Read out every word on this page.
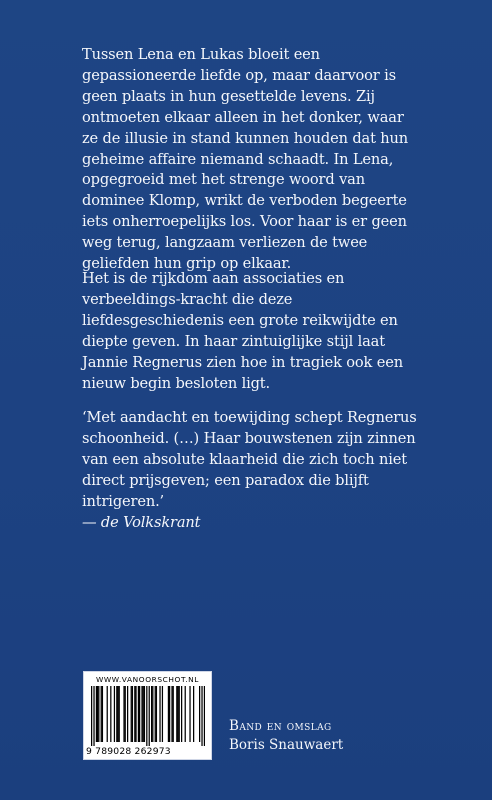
Tussen Lena en Lukas bloeit een gepassioneerde liefde op, maar daarvoor is geen plaats in hun gesettelde levens. Zij ontmoeten elkaar alleen in het donker, waar ze de illusie in stand kunnen houden dat hun geheime affaire niemand schaadt. In Lena, opgegroeid met het strenge woord van dominee Klomp, wrikt de verboden begeerte iets onherroepelijks los. Voor haar is er geen weg terug, langzaam verliezen de twee geliefden hun grip op elkaar.

Het is de rijkdom aan associaties en verbeeldings-kracht die deze liefdesgeschiedenis een grote reikwijdte en diepte geven. In haar zintuiglijke stijl laat Jannie Regnerus zien hoe in tragiek ook een nieuw begin besloten ligt.

‘Met aandacht en toewijding schept Regnerus schoonheid. (…) Haar bouwstenen zijn zinnen van een absolute klaarheid die zich toch niet direct prijsgeven; een paradox die blijft intrigeren.’

— de Volkskrant
WWW.VANOORSCHOT.NL
9 789028 262973
Band en omslag
Boris Snauwaert
